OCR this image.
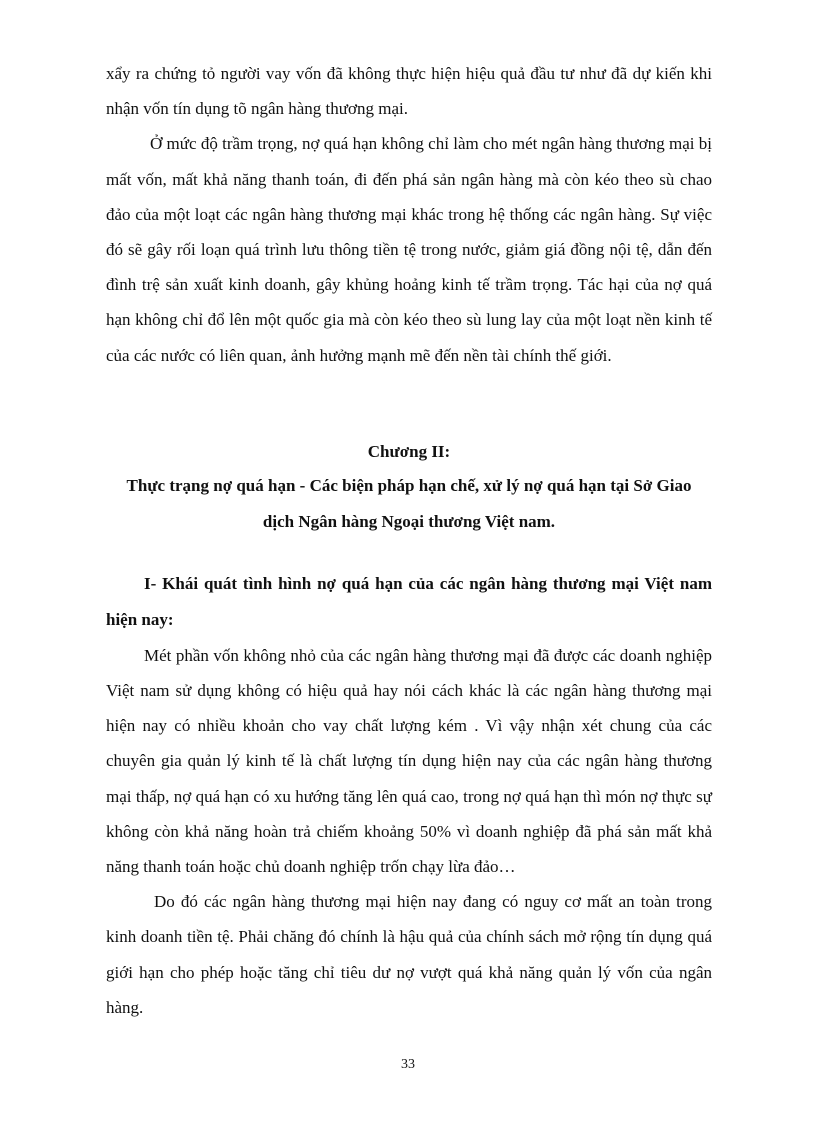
xẩy ra chứng tỏ người vay vốn đã không thực hiện hiệu quả đầu tư như đã dự kiến khi nhận vốn tín dụng tõ ngân hàng thương mại.

Ở mức độ trầm trọng, nợ quá hạn không chỉ làm cho mét ngân hàng thương mại bị mất vốn, mất khả năng thanh toán, đi đến phá sản ngân hàng mà còn kéo theo sù chao đảo của một loạt các ngân hàng thương mại khác trong hệ thống các ngân hàng. Sự việc đó sẽ gây rối loạn quá trình lưu thông tiền tệ trong nước, giảm giá đồng nội tệ, dẫn đến đình trệ sản xuất kinh doanh, gây khủng hoảng kinh tế trầm trọng. Tác hại của nợ quá hạn không chỉ đổ lên một quốc gia mà còn kéo theo sù lung lay của một loạt nền kinh tế của các nước có liên quan, ảnh hưởng mạnh mẽ đến nền tài chính thế giới.

Chương II:
Thực trạng nợ quá hạn - Các biện pháp hạn chế, xử lý nợ quá hạn tại Sở Giao dịch Ngân hàng Ngoại thương Việt nam.
I- Khái quát tình hình nợ quá hạn của các ngân hàng thương mại Việt nam hiện nay:

Mét phần vốn không nhỏ của các ngân hàng thương mại đã được các doanh nghiệp Việt nam sử dụng không có hiệu quả hay nói cách khác là các ngân hàng thương mại hiện nay có nhiều khoản cho vay chất lượng kém . Vì vậy nhận xét chung của các chuyên gia quản lý kinh tế là chất lượng tín dụng hiện nay của các ngân hàng thương mại thấp, nợ quá hạn có xu hướng tăng lên quá cao, trong nợ quá hạn thì món nợ thực sự không còn khả năng hoàn trả chiếm khoảng 50% vì doanh nghiệp đã phá sản mất khả năng thanh toán hoặc chủ doanh nghiệp trốn chạy lừa đảo…

Do đó các ngân hàng thương mại hiện nay đang có nguy cơ mất an toàn trong kinh doanh tiền tệ. Phải chăng đó chính là hậu quả của chính sách mở rộng tín dụng quá giới hạn cho phép hoặc tăng chỉ tiêu dư nợ vượt quá khả năng quản lý vốn của ngân hàng.

33
